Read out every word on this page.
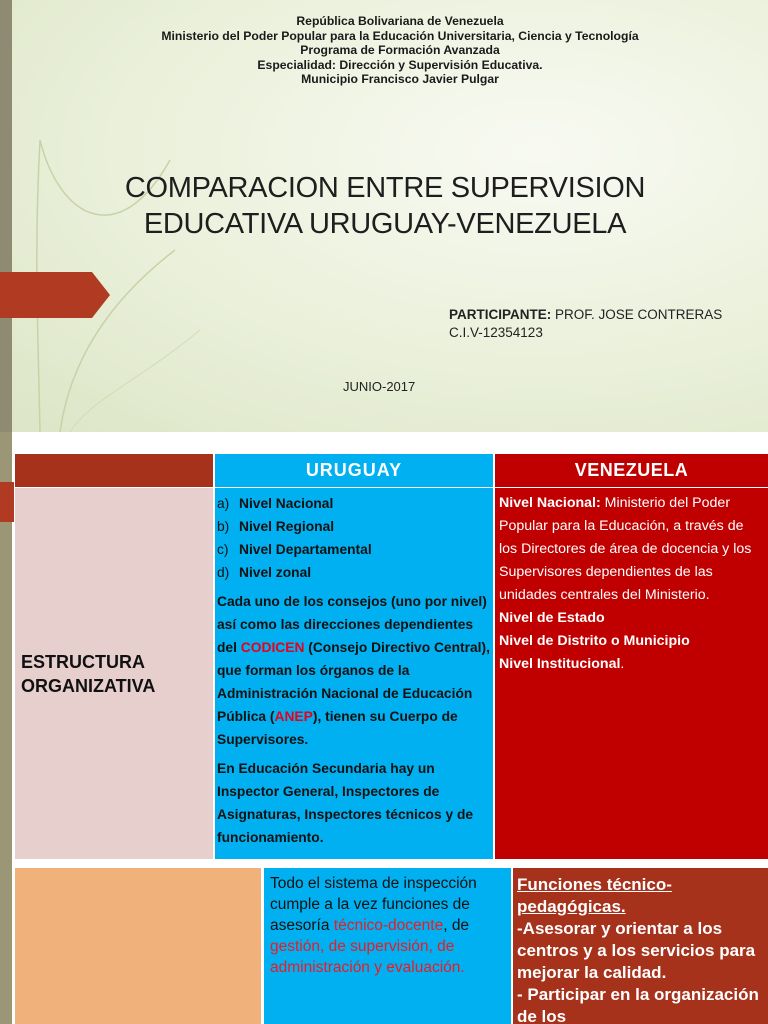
República Bolivariana de Venezuela
Ministerio del Poder Popular para la Educación Universitaria, Ciencia y Tecnología
Programa de Formación Avanzada
Especialidad: Dirección y Supervisión Educativa.
Municipio Francisco Javier Pulgar
COMPARACION ENTRE SUPERVISION
EDUCATIVA URUGUAY-VENEZUELA
PARTICIPANTE: PROF. JOSE CONTRERAS
C.I.V-12354123
JUNIO-2017
URUGUAY	VENEZUELA
ESTRUCTURA ORGANIZATIVA
a) Nivel Nacional
b) Nivel Regional
c) Nivel Departamental
d) Nivel zonal

Cada uno de los consejos (uno por nivel) así como las direcciones dependientes del CODICEN (Consejo Directivo Central), que forman los órganos de la Administración Nacional de Educación Pública (ANEP), tienen su Cuerpo de Supervisores.

En Educación Secundaria hay un Inspector General, Inspectores de Asignaturas, Inspectores técnicos y de funcionamiento.

Nivel Nacional: Ministerio del Poder Popular para la Educación, a través de los Directores de área de docencia y los Supervisores dependientes de las unidades centrales del Ministerio.

Nivel de Estado

Nivel de Distrito o Municipio

Nivel Institucional.

Todo el sistema de inspección cumple a la vez funciones de asesoría técnico-docente, de gestión, de supervisión, de administración y evaluación.
Funciones técnico-pedagógicas.
-Asesorar y orientar a los centros y a los servicios para mejorar la calidad.
- Participar en la organización de los
